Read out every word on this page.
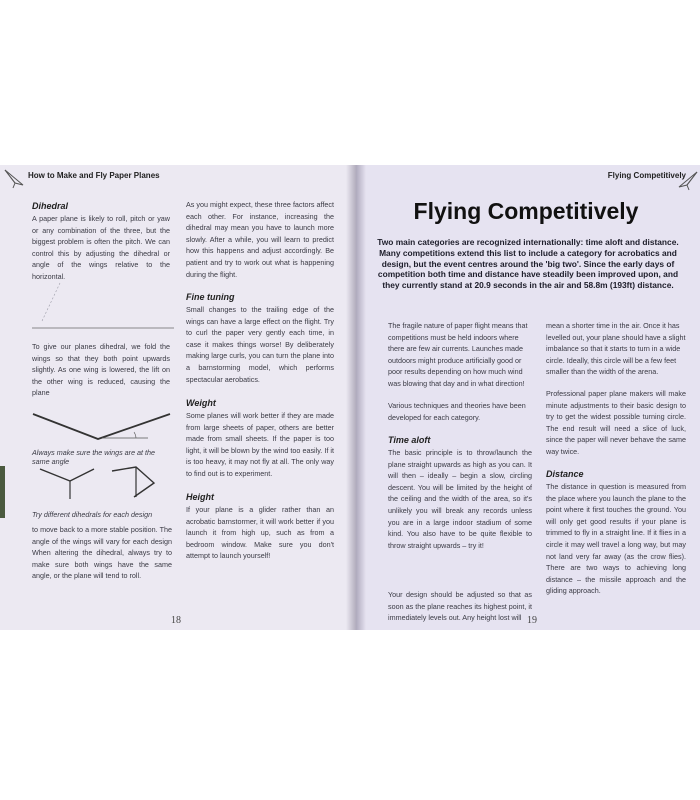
How to Make and Fly Paper Planes
Dihedral
A paper plane is likely to roll, pitch or yaw or any combination of the three, but the biggest problem is often the pitch. We can control this by adjusting the dihedral or angle of the wings relative to the horizontal.
To give our planes dihedral, we fold the wings so that they both point upwards slightly. As one wing is lowered, the lift on the other wing is reduced, causing the plane
Always make sure the wings are at the same angle
Try different dihedrals for each design
to move back to a more stable position. The angle of the wings will vary for each design When altering the dihedral, always try to make sure both wings have the same angle, or the plane will tend to roll.
As you might expect, these three factors affect each other. For instance, increasing the dihedral may mean you have to launch more slowly. After a while, you will learn to predict how this happens and adjust accordingly. Be patient and try to work out what is happening during the flight.
Fine tuning
Small changes to the trailing edge of the wings can have a large effect on the flight. Try to curl the paper very gently each time, in case it makes things worse! By deliberately making large curls, you can turn the plane into a barnstorming model, which performs spectacular aerobatics.
Weight
Some planes will work better if they are made from large sheets of paper, others are better made from small sheets. If the paper is too light, it will be blown by the wind too easily. If it is too heavy, it may not fly at all. The only way to find out is to experiment.
Height
If your plane is a glider rather than an acrobatic barnstormer, it will work better if you launch it from high up, such as from a bedroom window. Make sure you don't attempt to launch yourself!
18
Flying Competitively
Flying Competitively
Two main categories are recognized internationally: time aloft and distance. Many competitions extend this list to include a category for acrobatics and design, but the event centres around the 'big two'. Since the early days of competition both time and distance have steadily been improved upon, and they currently stand at 20.9 seconds in the air and 58.8m (193ft) distance.
The fragile nature of paper flight means that competitions must be held indoors where there are few air currents. Launches made outdoors might produce artificially good or poor results depending on how much wind was blowing that day and in what direction!
Various techniques and theories have been developed for each category.
Time aloft
The basic principle is to throw/launch the plane straight upwards as high as you can. It will then – ideally – begin a slow, circling descent. You will be limited by the height of the ceiling and the width of the area, so it's unlikely you will break any records unless you are in a large indoor stadium of some kind. You also have to be quite flexible to throw straight upwards – try it!
Your design should be adjusted so that as soon as the plane reaches its highest point, it immediately levels out. Any height lost will
mean a shorter time in the air. Once it has levelled out, your plane should have a slight imbalance so that it starts to turn in a wide circle. Ideally, this circle will be a few feet smaller than the width of the arena.
Professional paper plane makers will make minute adjustments to their basic design to try to get the widest possible turning circle. The end result will need a slice of luck, since the paper will never behave the same way twice.
Distance
The distance in question is measured from the place where you launch the plane to the point where it first touches the ground. You will only get good results if your plane is trimmed to fly in a straight line. If it flies in a circle it may well travel a long way, but may not land very far away (as the crow flies). There are two ways to achieving long distance – the missile approach and the gliding approach.
19
